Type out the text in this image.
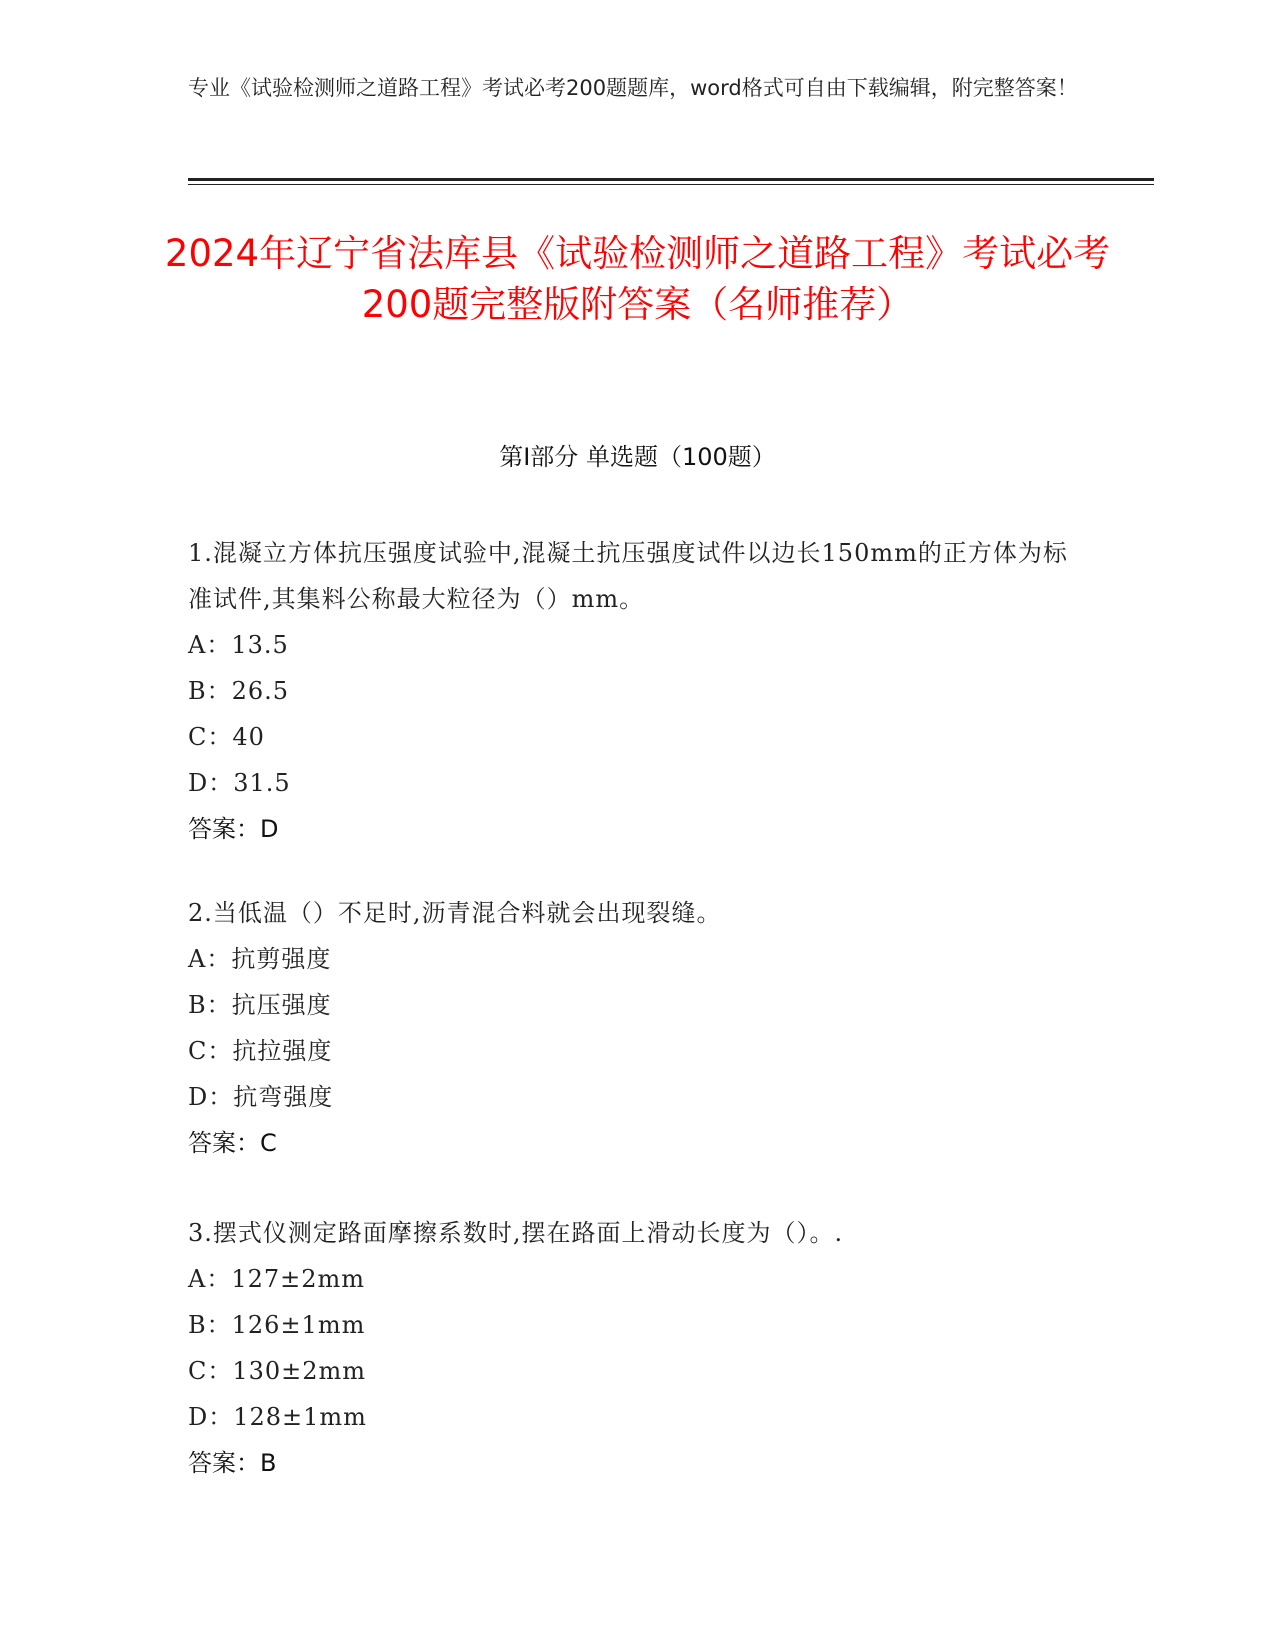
专业《试验检测师之道路工程》考试必考200题题库，word格式可自由下载编辑，附完整答案！
2024年辽宁省法库县《试验检测师之道路工程》考试必考200题完整版附答案（名师推荐）
第I部分 单选题（100题）
1.混凝立方体抗压强度试验中,混凝土抗压强度试件以边长150mm的正方体为标准试件,其集料公称最大粒径为（）mm。
A：13.5
B：26.5
C：40
D：31.5
答案：D
2.当低温（）不足时,沥青混合料就会出现裂缝。
A：抗剪强度
B：抗压强度
C：抗拉强度
D：抗弯强度
答案：C
3.摆式仪测定路面摩擦系数时,摆在路面上滑动长度为（）。.
A：127±2mm
B：126±1mm
C：130±2mm
D：128±1mm
答案：B
